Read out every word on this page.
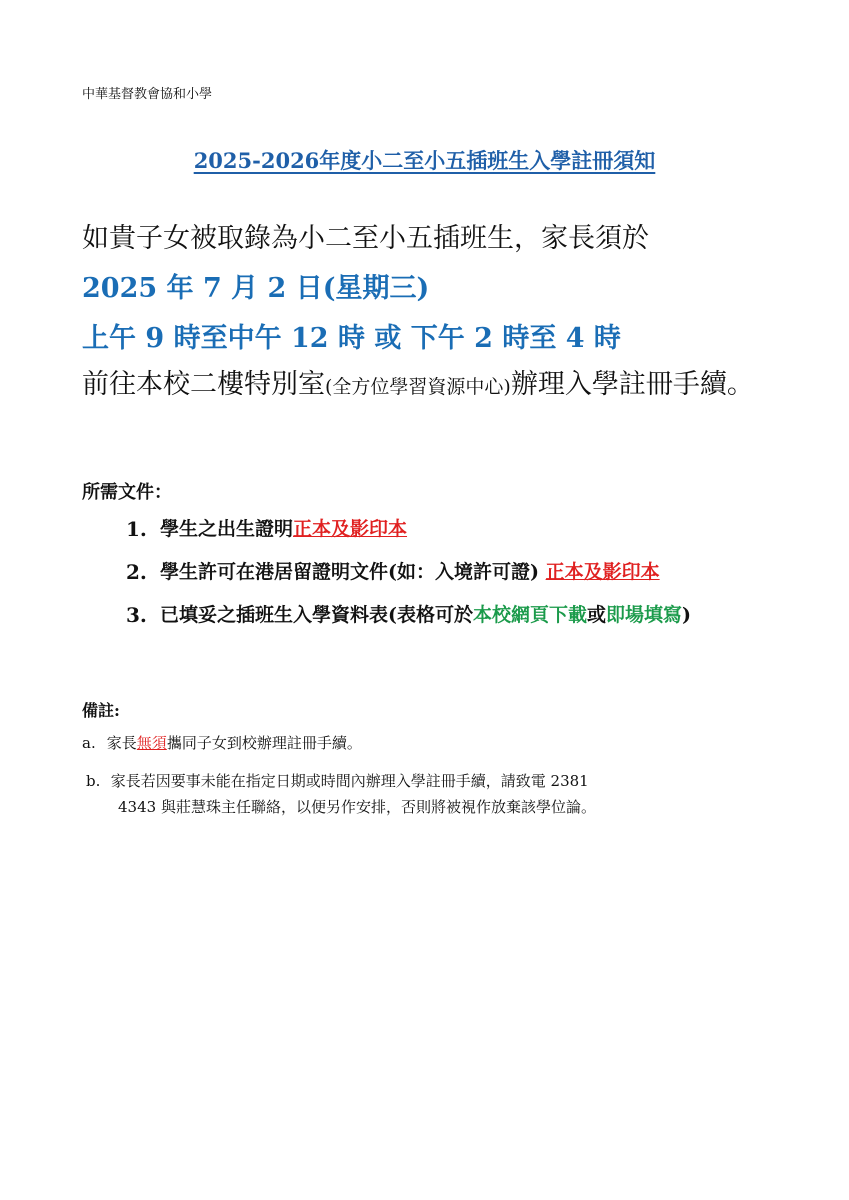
中華基督教會協和小學
2025-2026年度小二至小五插班生入學註冊須知
如貴子女被取錄為小二至小五插班生，家長須於
2025 年 7 月 2 日(星期三)
上午 9 時至中午 12 時 或 下午 2 時至 4 時
前往本校二樓特別室(全方位學習資源中心)辦理入學註冊手續。
所需文件：
1. 學生之出生證明正本及影印本
2. 學生許可在港居留證明文件(如：入境許可證) 正本及影印本
3. 已填妥之插班生入學資料表(表格可於本校網頁下載或即場填寫)
備註:
a. 家長無須攜同子女到校辦理註冊手續。
b. 家長若因要事未能在指定日期或時間內辦理入學註冊手續，請致電 2381
4343 與莊慧珠主任聯絡，以便另作安排，否則將被視作放棄該學位論。
